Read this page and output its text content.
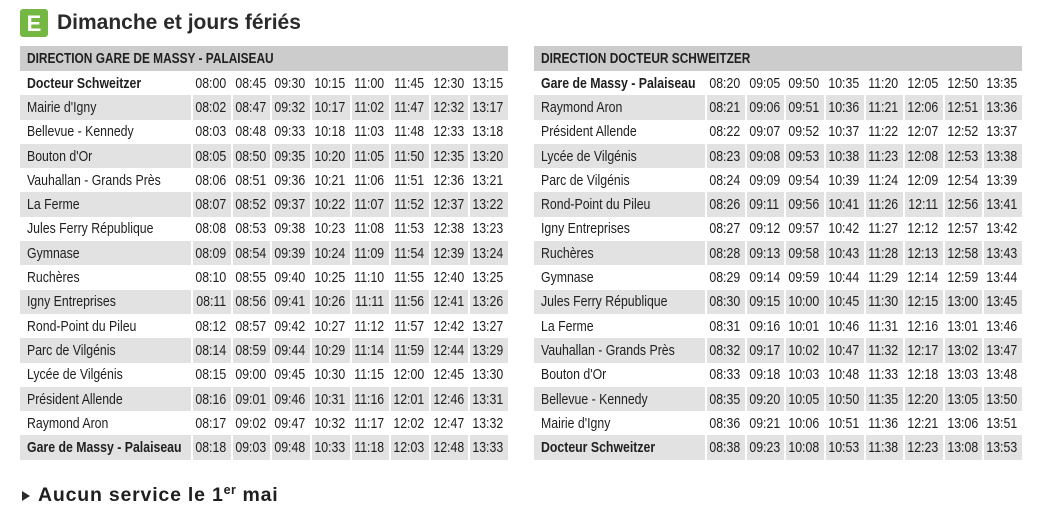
E Dimanche et jours fériés
DIRECTION GARE DE MASSY - PALAISEAU								
Docteur Schweitzer	08:00	08:45	09:30	10:15	11:00	11:45	12:30	13:15
Mairie d'Igny	08:02	08:47	09:32	10:17	11:02	11:47	12:32	13:17
Bellevue - Kennedy	08:03	08:48	09:33	10:18	11:03	11:48	12:33	13:18
Bouton d'Or	08:05	08:50	09:35	10:20	11:05	11:50	12:35	13:20
Vauhallan - Grands Près	08:06	08:51	09:36	10:21	11:06	11:51	12:36	13:21
La Ferme	08:07	08:52	09:37	10:22	11:07	11:52	12:37	13:22
Jules Ferry République	08:08	08:53	09:38	10:23	11:08	11:53	12:38	13:23
Gymnase	08:09	08:54	09:39	10:24	11:09	11:54	12:39	13:24
Ruchères	08:10	08:55	09:40	10:25	11:10	11:55	12:40	13:25
Igny Entreprises	08:11	08:56	09:41	10:26	11:11	11:56	12:41	13:26
Rond-Point du Pileu	08:12	08:57	09:42	10:27	11:12	11:57	12:42	13:27
Parc de Vilgénis	08:14	08:59	09:44	10:29	11:14	11:59	12:44	13:29
Lycée de Vilgénis	08:15	09:00	09:45	10:30	11:15	12:00	12:45	13:30
Président Allende	08:16	09:01	09:46	10:31	11:16	12:01	12:46	13:31
Raymond Aron	08:17	09:02	09:47	10:32	11:17	12:02	12:47	13:32
Gare de Massy - Palaiseau	08:18	09:03	09:48	10:33	11:18	12:03	12:48	13:33
DIRECTION DOCTEUR SCHWEITZER								
Gare de Massy - Palaiseau	08:20	09:05	09:50	10:35	11:20	12:05	12:50	13:35
Raymond Aron	08:21	09:06	09:51	10:36	11:21	12:06	12:51	13:36
Président Allende	08:22	09:07	09:52	10:37	11:22	12:07	12:52	13:37
Lycée de Vilgénis	08:23	09:08	09:53	10:38	11:23	12:08	12:53	13:38
Parc de Vilgénis	08:24	09:09	09:54	10:39	11:24	12:09	12:54	13:39
Rond-Point du Pileu	08:26	09:11	09:56	10:41	11:26	12:11	12:56	13:41
Igny Entreprises	08:27	09:12	09:57	10:42	11:27	12:12	12:57	13:42
Ruchères	08:28	09:13	09:58	10:43	11:28	12:13	12:58	13:43
Gymnase	08:29	09:14	09:59	10:44	11:29	12:14	12:59	13:44
Jules Ferry République	08:30	09:15	10:00	10:45	11:30	12:15	13:00	13:45
La Ferme	08:31	09:16	10:01	10:46	11:31	12:16	13:01	13:46
Vauhallan - Grands Près	08:32	09:17	10:02	10:47	11:32	12:17	13:02	13:47
Bouton d'Or	08:33	09:18	10:03	10:48	11:33	12:18	13:03	13:48
Bellevue - Kennedy	08:35	09:20	10:05	10:50	11:35	12:20	13:05	13:50
Mairie d'Igny	08:36	09:21	10:06	10:51	11:36	12:21	13:06	13:51
Docteur Schweitzer	08:38	09:23	10:08	10:53	11:38	12:23	13:08	13:53
Aucun service le 1er mai
